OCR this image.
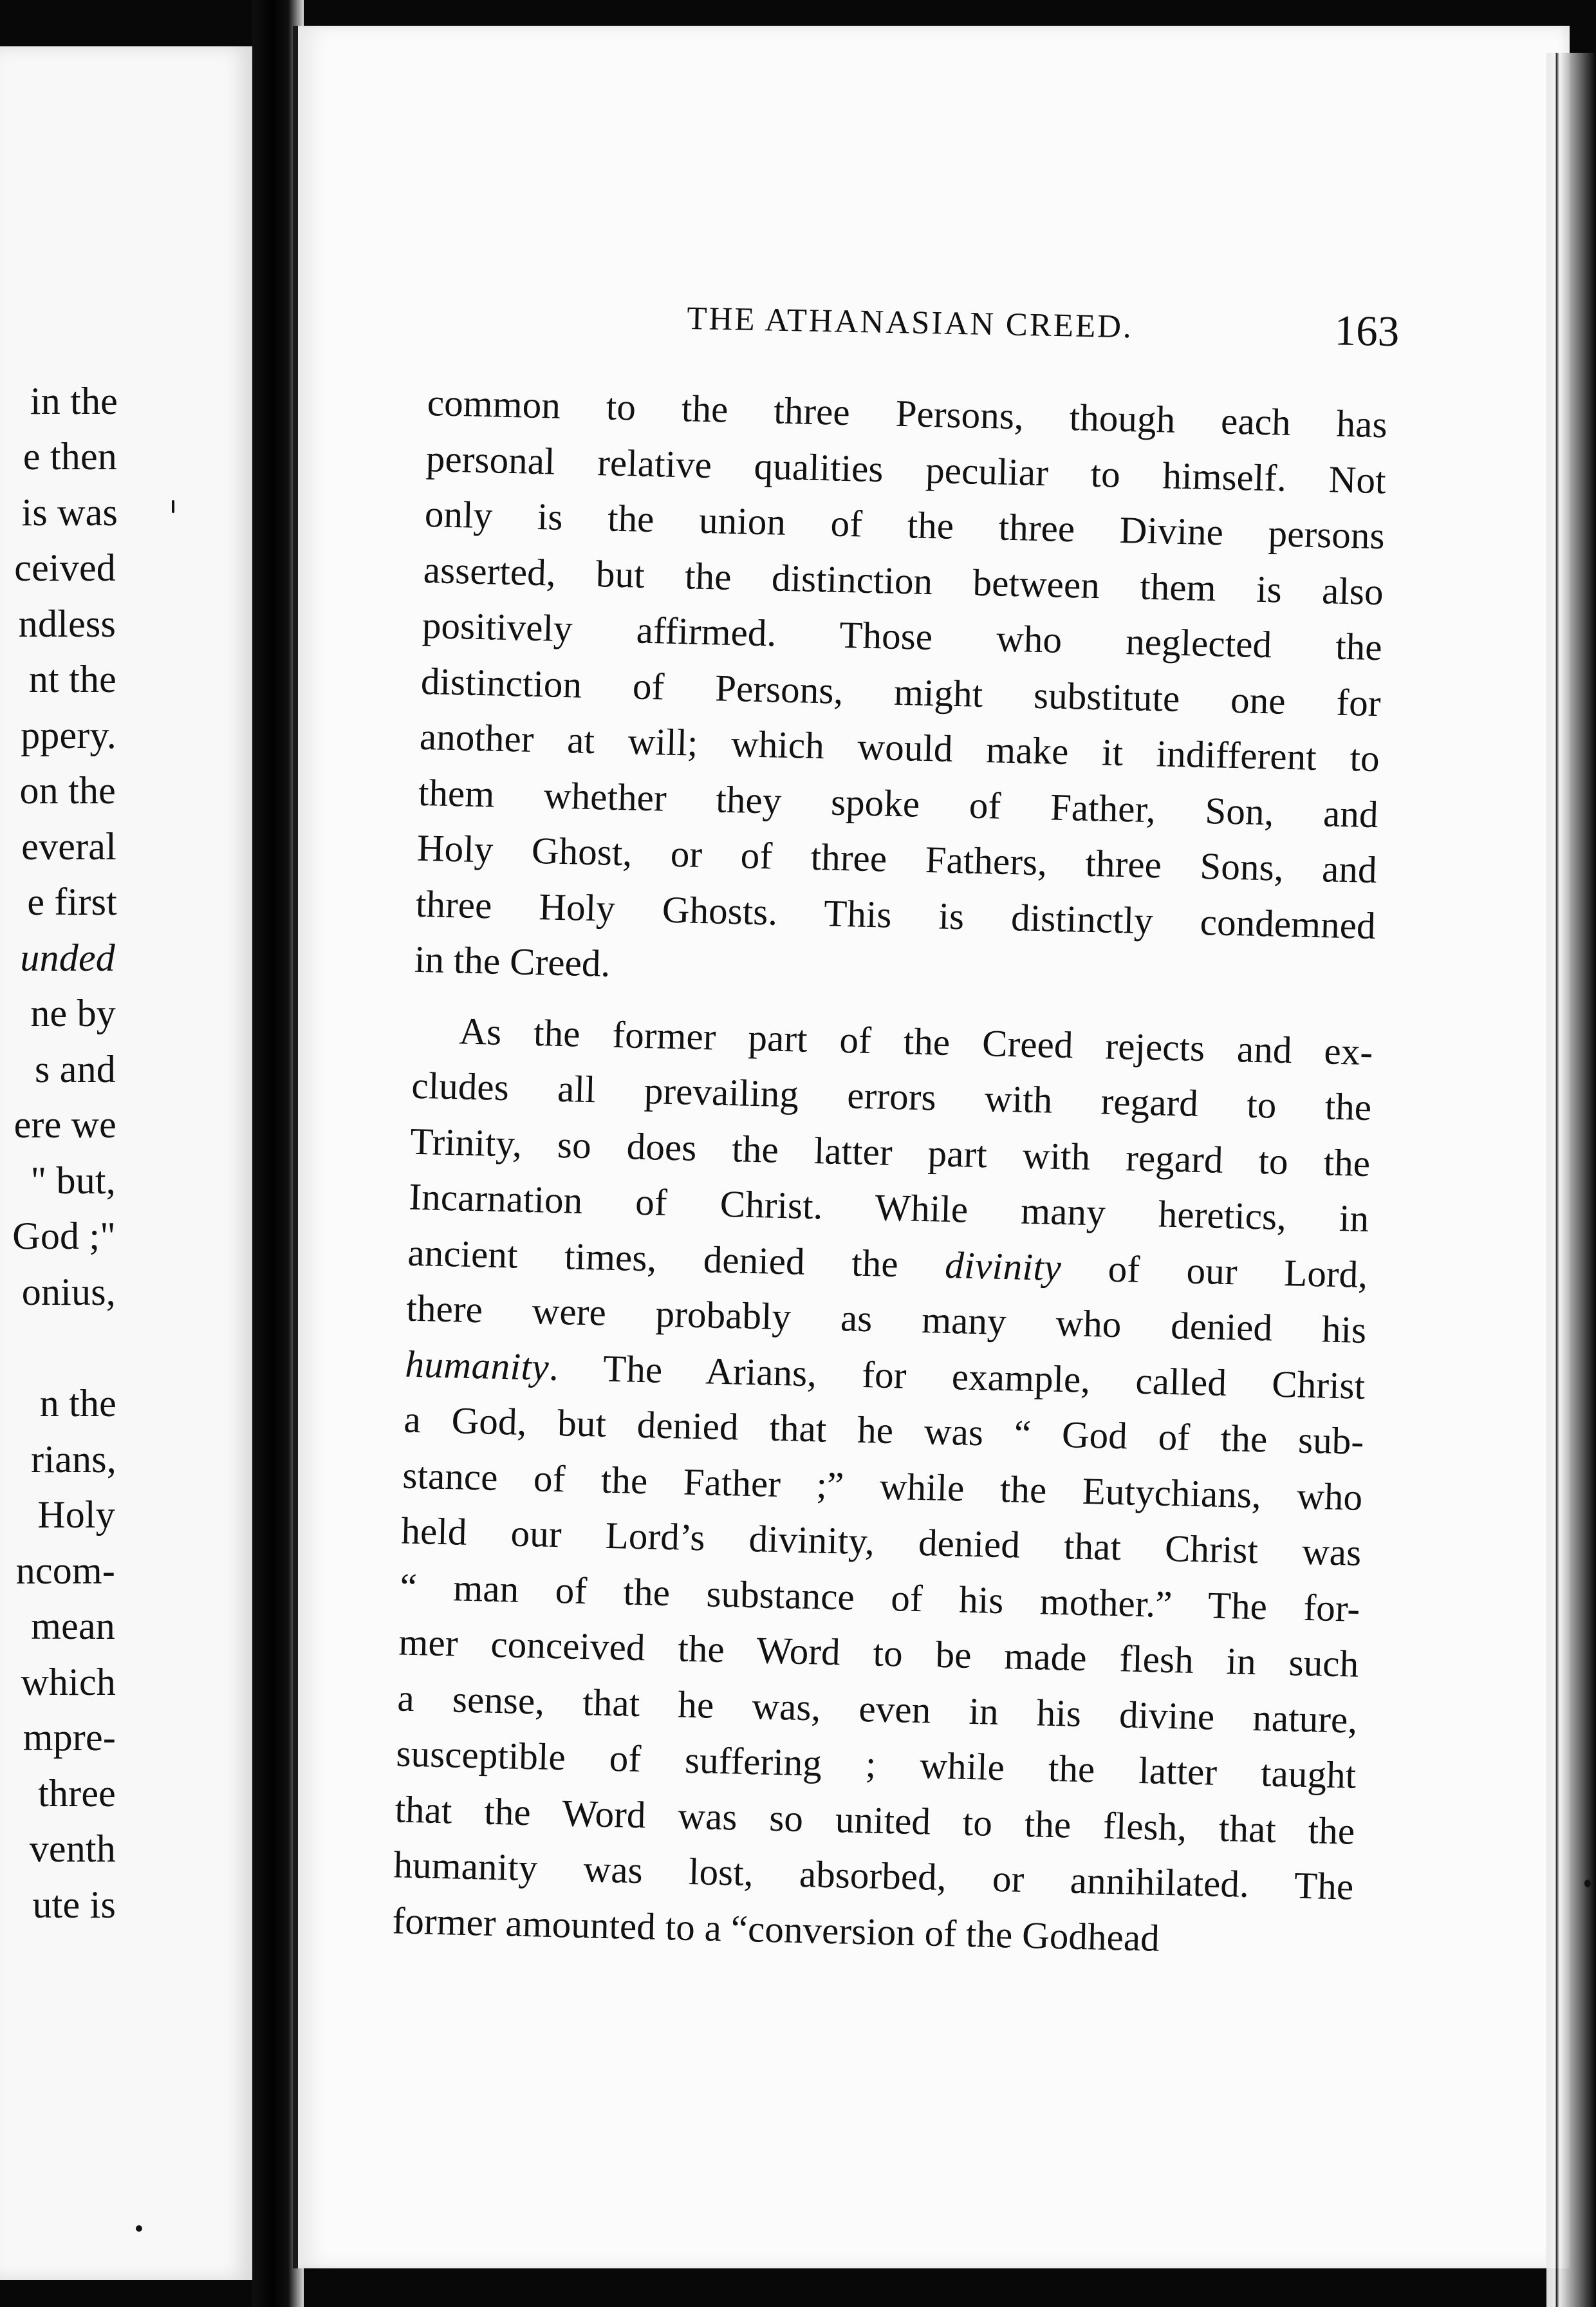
in the
e then
is was
ceived
ndless
nt the
ppery.
on the
everal
e first
unded
ne by
s and
ere we
" but,
God ;"
onius,
n the
rians,
Holy
ncom-
mean
which
mpre-
three
venth
ute is
THE ATHANASIAN CREED.	163
common to the three Persons, though each has
personal relative qualities peculiar to himself. Not
only is the union of the three Divine persons
asserted, but the distinction between them is also
positively affirmed. Those who neglected the
distinction of Persons, might substitute one for
another at will; which would make it indifferent to
them whether they spoke of Father, Son, and
Holy Ghost, or of three Fathers, three Sons, and
three Holy Ghosts. This is distinctly condemned
in the Creed.
As the former part of the Creed rejects and ex-
cludes all prevailing errors with regard to the
Trinity, so does the latter part with regard to the
Incarnation of Christ. While many heretics, in
ancient times, denied the divinity of our Lord,
there were probably as many who denied his
humanity. The Arians, for example, called Christ
a God, but denied that he was “ God of the sub-
stance of the Father ;” while the Eutychians, who
held our Lord’s divinity, denied that Christ was
“ man of the substance of his mother.” The for-
mer conceived the Word to be made flesh in such
a sense, that he was, even in his divine nature,
susceptible of suffering ; while the latter taught
that the Word was so united to the flesh, that the
humanity was lost, absorbed, or annihilated. The
former amounted to a “conversion of the Godhead
